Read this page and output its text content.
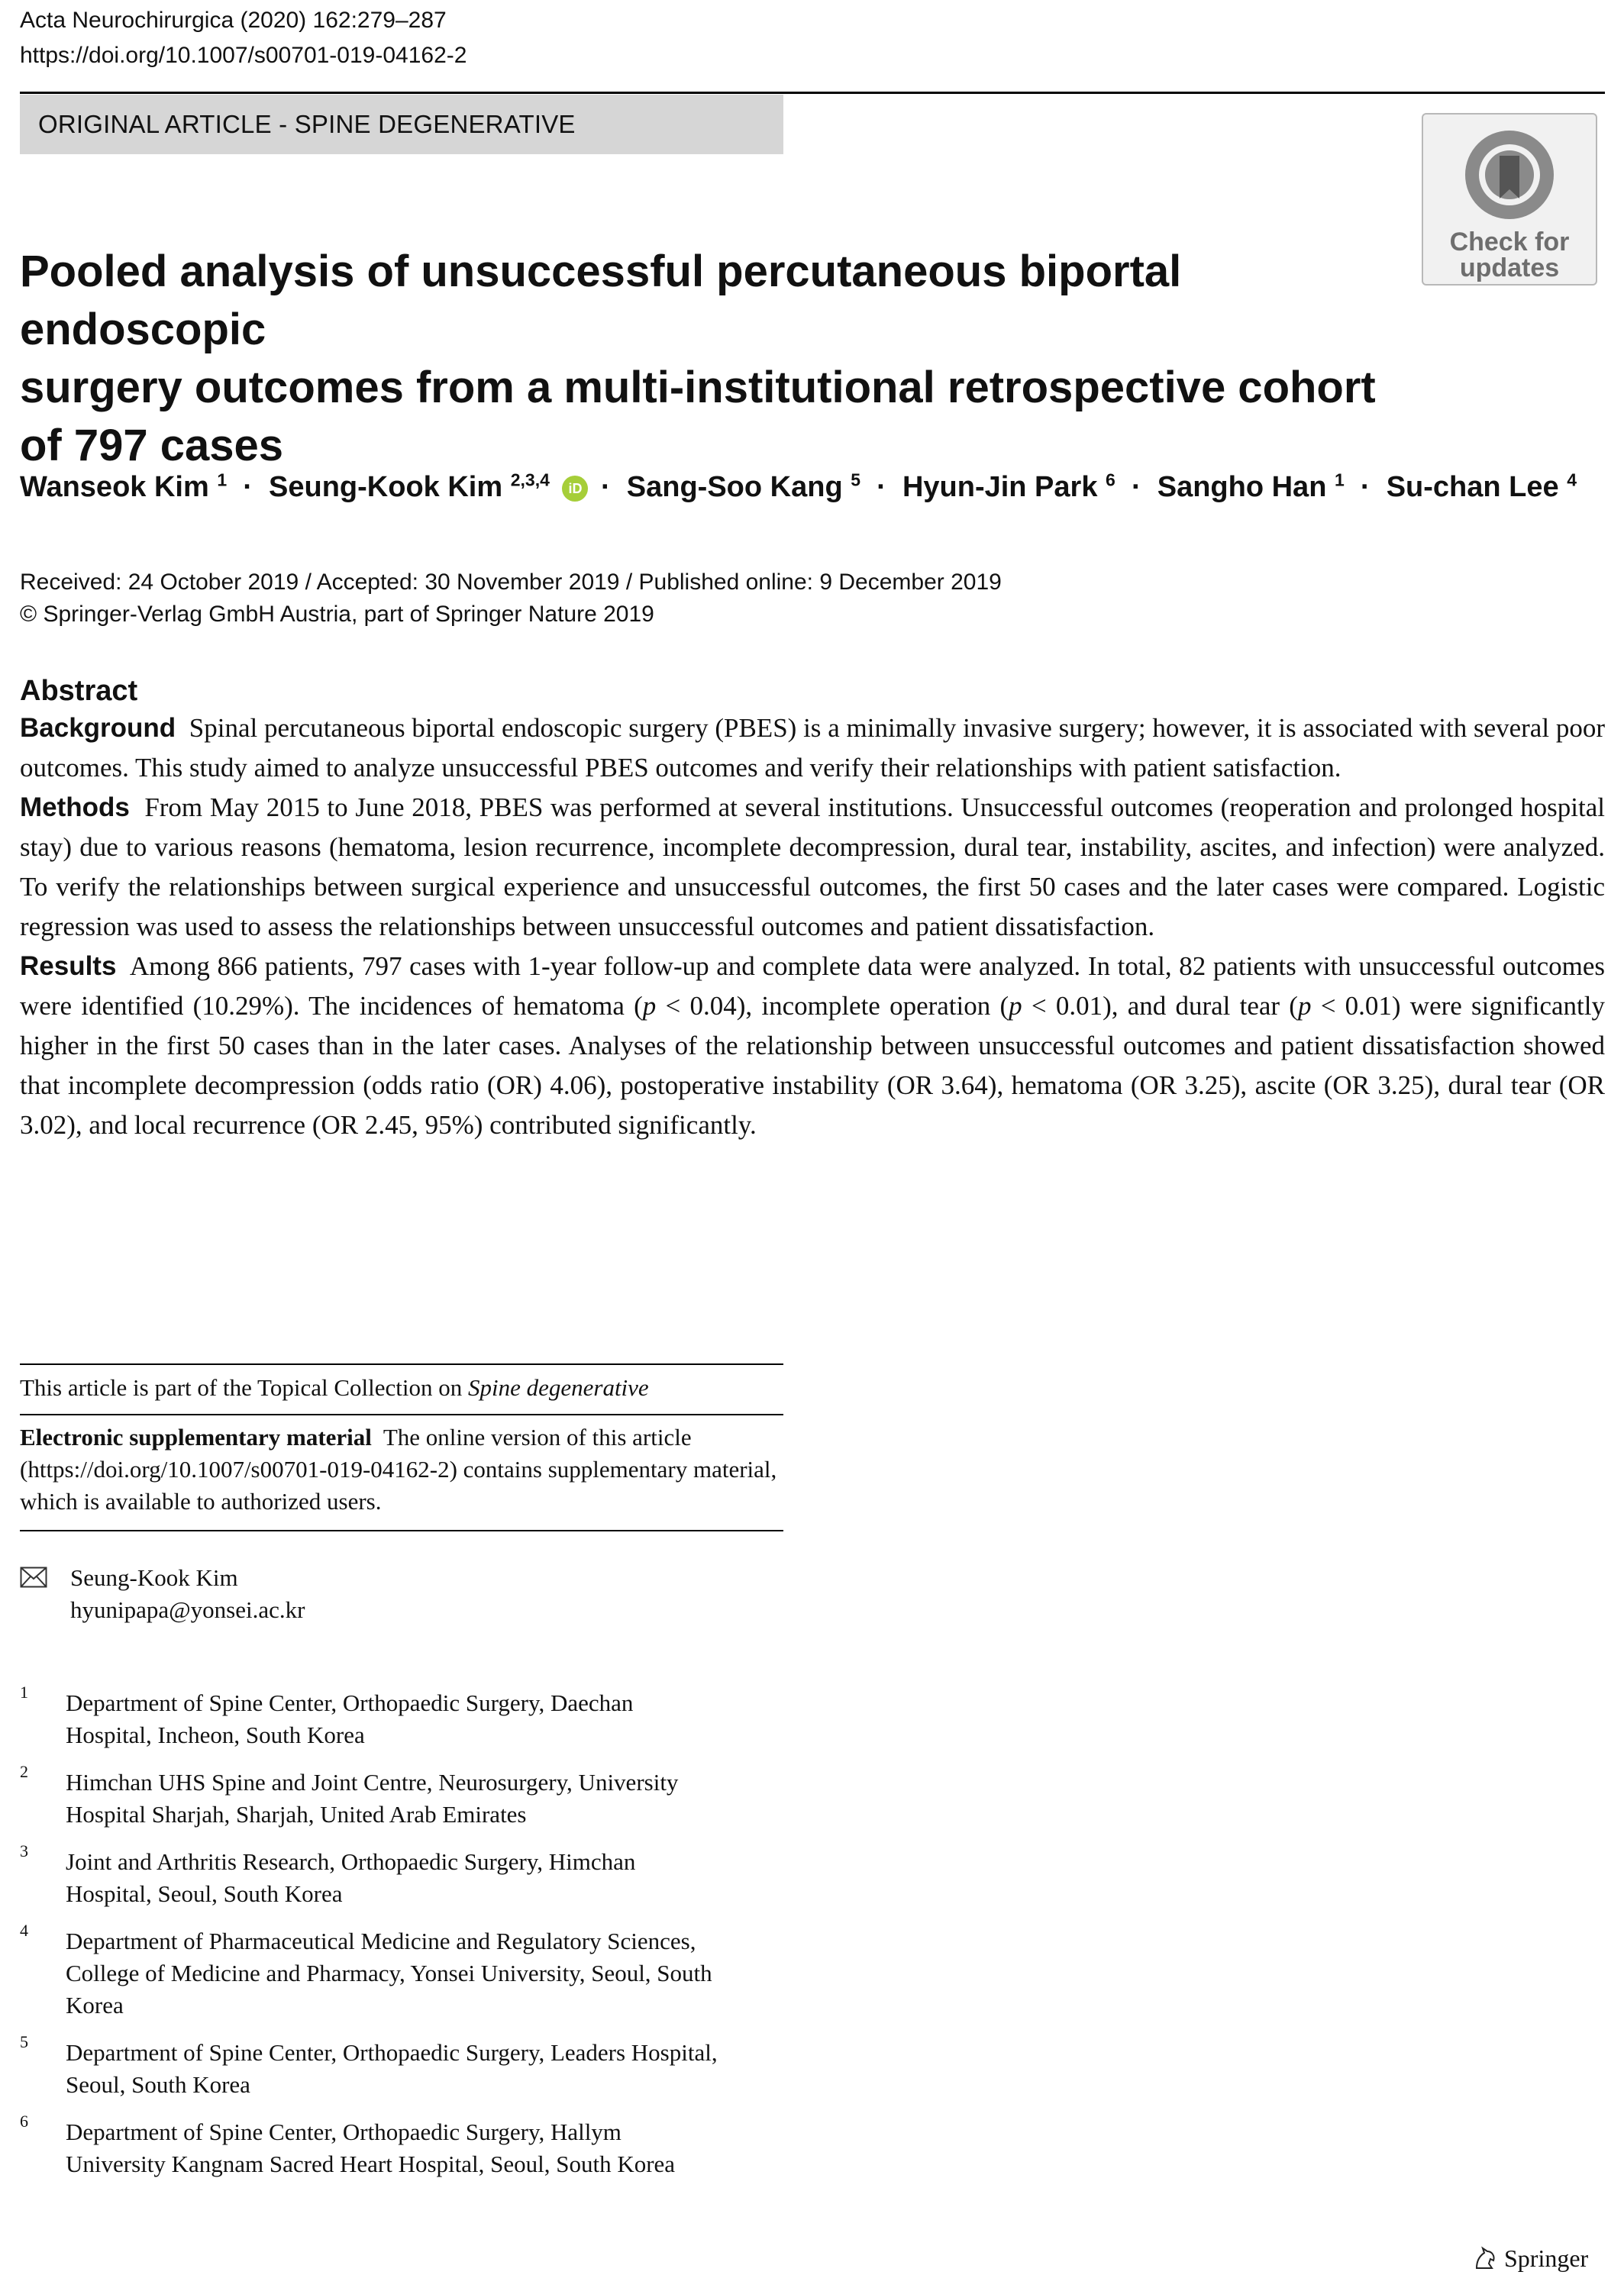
Acta Neurochirurgica (2020) 162:279–287
https://doi.org/10.1007/s00701-019-04162-2
ORIGINAL ARTICLE - SPINE DEGENERATIVE
Check for
updates
Pooled analysis of unsuccessful percutaneous biportal endoscopic
surgery outcomes from a multi-institutional retrospective cohort
of 797 cases
Wanseok Kim $^1$  ·  Seung-Kook Kim $^{2,3,4}$ iD ·  Sang-Soo Kang $^5$  ·  Hyun-Jin Park $^6$  ·  Sangho Han $^1$  ·  Su-chan Lee $^4$
Received: 24 October 2019 / Accepted: 30 November 2019 / Published online: 9 December 2019
© Springer-Verlag GmbH Austria, part of Springer Nature 2019
Abstract

Background Spinal percutaneous biportal endoscopic surgery (PBES) is a minimally invasive surgery; however, it is associated with several poor outcomes. This study aimed to analyze unsuccessful PBES outcomes and verify their relationships with patient satisfaction.

Methods From May 2015 to June 2018, PBES was performed at several institutions. Unsuccessful outcomes (reoperation and prolonged hospital stay) due to various reasons (hematoma, lesion recurrence, incomplete decompression, dural tear, instability, ascites, and infection) were analyzed. To verify the relationships between surgical experience and unsuccessful outcomes, the first 50 cases and the later cases were compared. Logistic regression was used to assess the relationships between unsuccessful outcomes and patient dissatisfaction.

Results Among 866 patients, 797 cases with 1-year follow-up and complete data were analyzed. In total, 82 patients with unsuccessful outcomes were identified (10.29%). The incidences of hematoma (p < 0.04), incomplete operation (p < 0.01), and dural tear (p < 0.01) were significantly higher in the first 50 cases than in the later cases. Analyses of the relationship between unsuccessful outcomes and patient dissatisfaction showed that incomplete decompression (odds ratio (OR) 4.06), postoperative instability (OR 3.64), hematoma (OR 3.25), ascite (OR 3.25), dural tear (OR 3.02), and local recurrence (OR 2.45, 95%) contributed significantly.

This article is part of the Topical Collection on Spine degenerative
Electronic supplementary material The online version of this article (https://doi.org/10.1007/s00701-019-04162-2) contains supplementary material, which is available to authorized users.
Seung-Kook Kim
hyunipapa@yonsei.ac.kr
1 Department of Spine Center, Orthopaedic Surgery, Daechan
Hospital, Incheon, South Korea
2 Himchan UHS Spine and Joint Centre, Neurosurgery, University
Hospital Sharjah, Sharjah, United Arab Emirates
3 Joint and Arthritis Research, Orthopaedic Surgery, Himchan
Hospital, Seoul, South Korea
4 Department of Pharmaceutical Medicine and Regulatory Sciences,
College of Medicine and Pharmacy, Yonsei University, Seoul, South
Korea
5 Department of Spine Center, Orthopaedic Surgery, Leaders Hospital,
Seoul, South Korea
6 Department of Spine Center, Orthopaedic Surgery, Hallym
University Kangnam Sacred Heart Hospital, Seoul, South Korea
Springer
